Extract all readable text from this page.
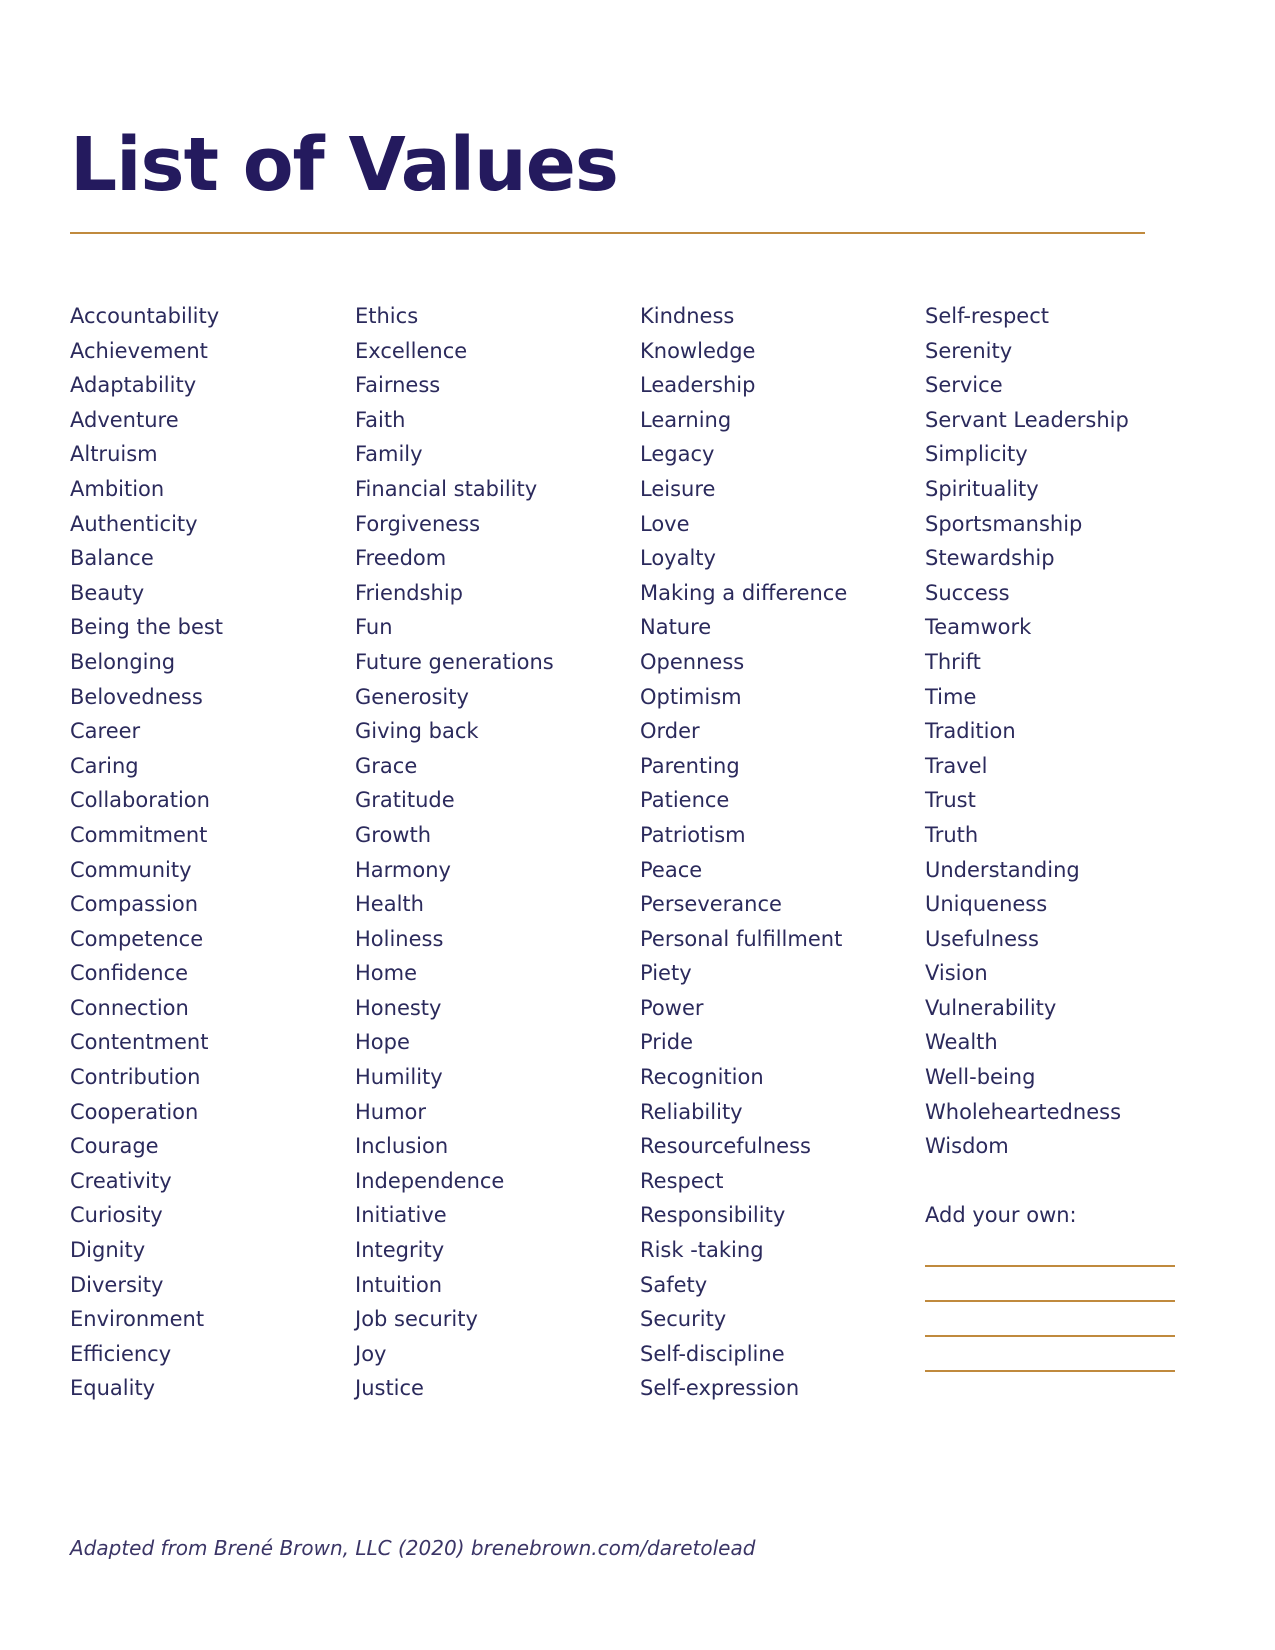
List of Values
Accountability
Achievement
Adaptability
Adventure
Altruism
Ambition
Authenticity
Balance
Beauty
Being the best
Belonging
Belovedness
Career
Caring
Collaboration
Commitment
Community
Compassion
Competence
Confidence
Connection
Contentment
Contribution
Cooperation
Courage
Creativity
Curiosity
Dignity
Diversity
Environment
Efficiency
Equality
Ethics
Excellence
Fairness
Faith
Family
Financial stability
Forgiveness
Freedom
Friendship
Fun
Future generations
Generosity
Giving back
Grace
Gratitude
Growth
Harmony
Health
Holiness
Home
Honesty
Hope
Humility
Humor
Inclusion
Independence
Initiative
Integrity
Intuition
Job security
Joy
Justice
Kindness
Knowledge
Leadership
Learning
Legacy
Leisure
Love
Loyalty
Making a difference
Nature
Openness
Optimism
Order
Parenting
Patience
Patriotism
Peace
Perseverance
Personal fulfillment
Piety
Power
Pride
Recognition
Reliability
Resourcefulness
Respect
Responsibility
Risk -taking
Safety
Security
Self-discipline
Self-expression
Self-respect
Serenity
Service
Servant Leadership
Simplicity
Spirituality
Sportsmanship
Stewardship
Success
Teamwork
Thrift
Time
Tradition
Travel
Trust
Truth
Understanding
Uniqueness
Usefulness
Vision
Vulnerability
Wealth
Well-being
Wholeheartedness
Wisdom
Add your own:
Adapted from Brené Brown, LLC (2020) brenebrown.com/daretolead
